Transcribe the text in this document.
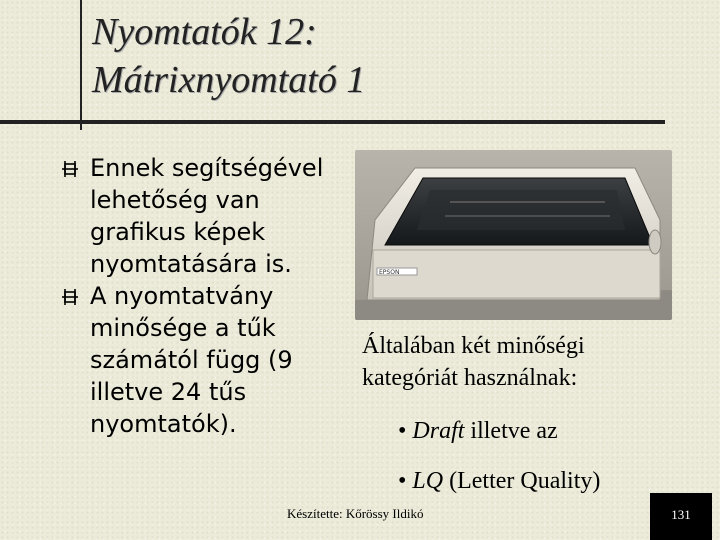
Nyomtatók 12:
Mátrixnyomtató 1
Ennek segítségével lehetőség van grafikus képek nyomtatására is.
A nyomtatvány minősége a tűk számától függ (9 illetve 24 tűs nyomtatók).
EPSON
Általában két minőségi kategóriát használnak:
• Draft illetve az
• LQ (Letter Quality)
Készítette: Kőrössy Ildikó	131
